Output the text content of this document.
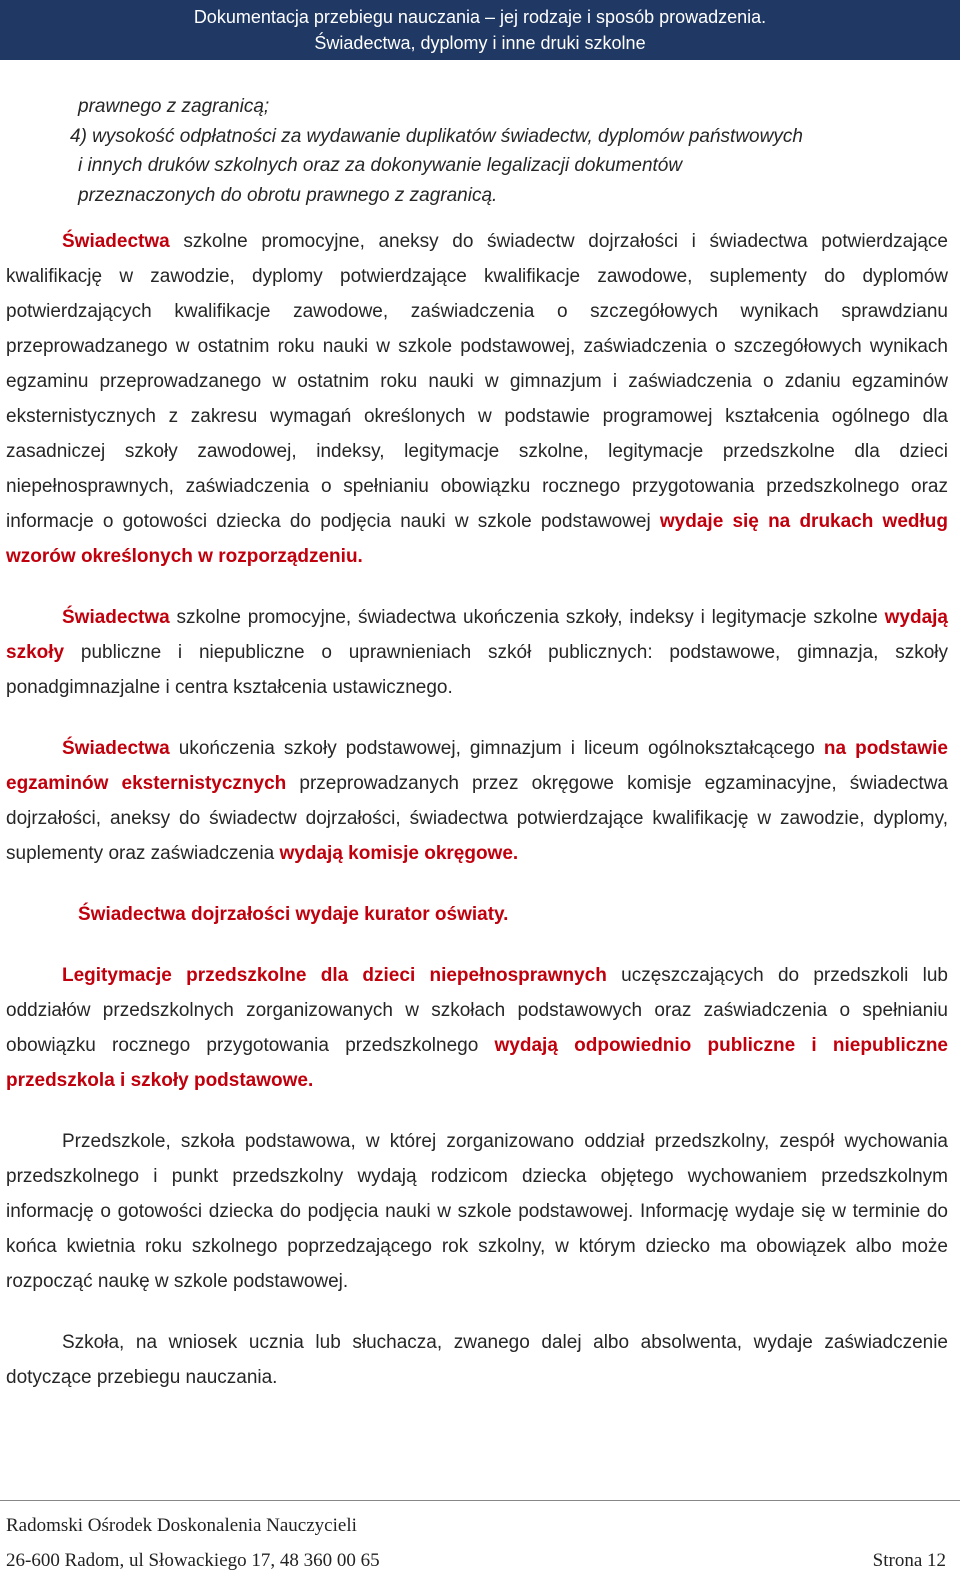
Dokumentacja przebiegu nauczania – jej rodzaje i sposób prowadzenia.
Świadectwa, dyplomy i inne druki szkolne
prawnego z zagranicą;
4) wysokość odpłatności za wydawanie duplikatów świadectw, dyplomów państwowych
i innych druków szkolnych oraz za dokonywanie legalizacji dokumentów
przeznaczonych do obrotu prawnego z zagranicą.

Świadectwa szkolne promocyjne, aneksy do świadectw dojrzałości i świadectwa potwierdzające kwalifikację w zawodzie, dyplomy potwierdzające kwalifikacje zawodowe, suplementy do dyplomów potwierdzających kwalifikacje zawodowe, zaświadczenia o szczegółowych wynikach sprawdzianu przeprowadzanego w ostatnim roku nauki w szkole podstawowej, zaświadczenia o szczegółowych wynikach egzaminu przeprowadzanego w ostatnim roku nauki w gimnazjum i zaświadczenia o zdaniu egzaminów eksternistycznych z zakresu wymagań określonych w podstawie programowej kształcenia ogólnego dla zasadniczej szkoły zawodowej, indeksy, legitymacje szkolne, legitymacje przedszkolne dla dzieci niepełnosprawnych, zaświadczenia o spełnianiu obowiązku rocznego przygotowania przedszkolnego oraz informacje o gotowości dziecka do podjęcia nauki w szkole podstawowej wydaje się na drukach według wzorów określonych w rozporządzeniu.

Świadectwa szkolne promocyjne, świadectwa ukończenia szkoły, indeksy i legitymacje szkolne wydają szkoły publiczne i niepubliczne o uprawnieniach szkół publicznych: podstawowe, gimnazja, szkoły ponadgimnazjalne i centra kształcenia ustawicznego.

Świadectwa ukończenia szkoły podstawowej, gimnazjum i liceum ogólnokształcącego na podstawie egzaminów eksternistycznych przeprowadzanych przez okręgowe komisje egzaminacyjne, świadectwa dojrzałości, aneksy do świadectw dojrzałości, świadectwa potwierdzające kwalifikację w zawodzie, dyplomy, suplementy oraz zaświadczenia wydają komisje okręgowe.

Świadectwa dojrzałości wydaje kurator oświaty.

Legitymacje przedszkolne dla dzieci niepełnosprawnych uczęszczających do przedszkoli lub oddziałów przedszkolnych zorganizowanych w szkołach podstawowych oraz zaświadczenia o spełnianiu obowiązku rocznego przygotowania przedszkolnego wydają odpowiednio publiczne i niepubliczne przedszkola i szkoły podstawowe.

Przedszkole, szkoła podstawowa, w której zorganizowano oddział przedszkolny, zespół wychowania przedszkolnego i punkt przedszkolny wydają rodzicom dziecka objętego wychowaniem przedszkolnym informację o gotowości dziecka do podjęcia nauki w szkole podstawowej. Informację wydaje się w terminie do końca kwietnia roku szkolnego poprzedzającego rok szkolny, w którym dziecko ma obowiązek albo może rozpocząć naukę w szkole podstawowej.

Szkoła, na wniosek ucznia lub słuchacza, zwanego dalej albo absolwenta, wydaje zaświadczenie dotyczące przebiegu nauczania.

Radomski Ośrodek Doskonalenia Nauczycieli
26-600 Radom, ul Słowackiego 17, 48 360 00 65	Strona 12
